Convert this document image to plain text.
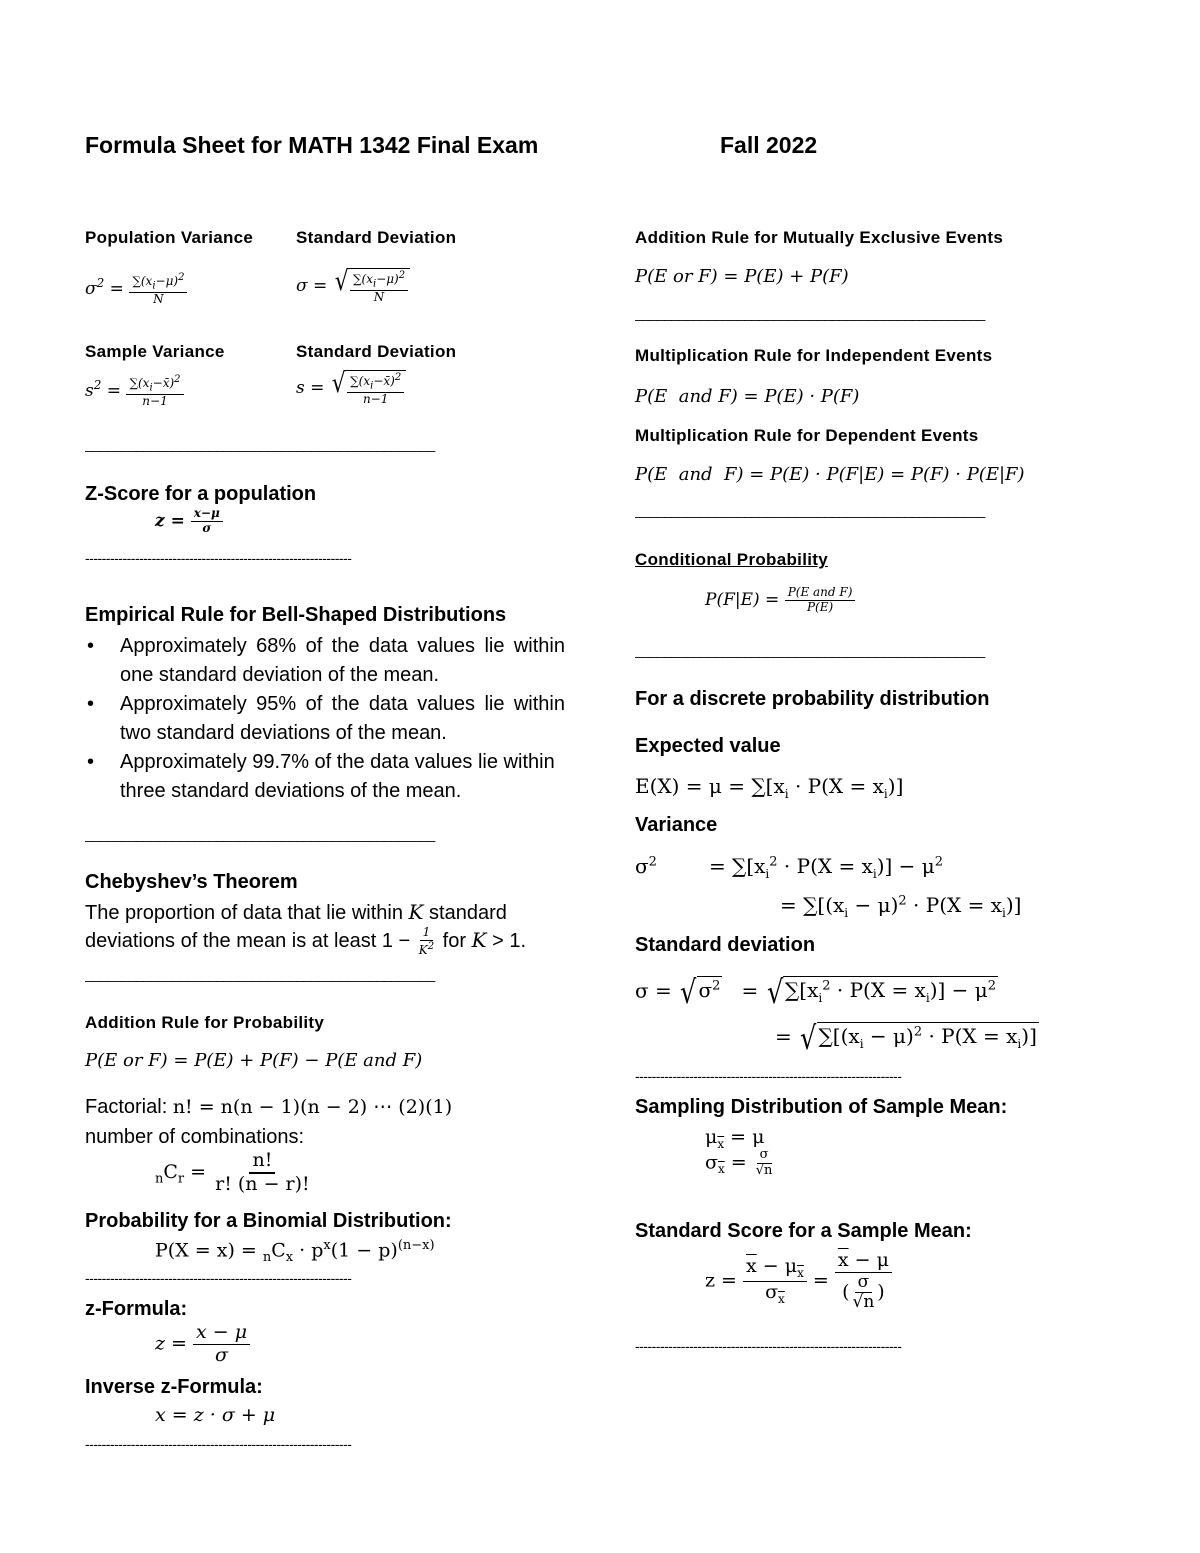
Formula Sheet for MATH 1342 Final Exam	Fall 2022
Population Variance	Standard Deviation
$\sigma^2 = \frac{\sum(x_i-\mu)^2}{N}$	σ = √ $\frac{\sum(x_i-\mu)^2}{N}$
Sample Variance	Standard Deviation
$s^2 = \frac{\sum(x_i-x̄)^2}{n-1}$	s = √ $\frac{\sum(x_i-x̄)^2}{n-1}$
________________________________________________
Z-Score for a population
$z = \frac{x-\mu}{\sigma}$
----------------------------------------------------------------
Empirical Rule for Bell-Shaped Distributions
• Approximately 68% of the data values lie within one standard deviation of the mean.
• Approximately 95% of the data values lie within two standard deviations of the mean.
• Approximately 99.7% of the data values lie within three standard deviations of the mean.
________________________________________________
Chebyshev’s Theorem
The proportion of data that lie within K standard
deviations of the mean is at least $1 - \frac{1}{K^2}$ for K > 1.
________________________________________________
Addition Rule for Probability
P(E or F) = P(E) + P(F) − P(E and F)
Factorial: n! = n(n − 1)(n − 2) ⋯ (2)(1)
number of combinations:
$_nC_r = \frac{n!}{r! (n - r)!}$
Probability for a Binomial Distribution:
$P(X = x) = _nC_x \cdot p^x(1 - p)^{(n-x)}$
----------------------------------------------------------------
z-Formula:
$z = \frac{x - \mu}{\sigma}$
Inverse z-Formula:
x = z · σ + μ
----------------------------------------------------------------
Addition Rule for Mutually Exclusive Events
P(E or F) = P(E) + P(F)
________________________________________________
Multiplication Rule for Independent Events
P(E  and F) = P(E) · P(F)
Multiplication Rule for Dependent Events
P(E  and  F) = P(E) · P(F|E) = P(F) · P(E|F)
________________________________________________
Conditional Probability
$P(F|E) = \frac{\text{P(E and F)}}{P(E)}$
________________________________________________
For a discrete probability distribution
Expected value
$E(X) = \mu = \sum[x_i \cdot P(X = x_i)]$
Variance
$\sigma^2$	= $\sum[x_i^2 \cdot P(X = x_i)] - \mu^2$
= $\sum[(x_i - \mu)^2 \cdot P(X = x_i)]$
Standard deviation
σ = √ $\sigma^2$ = √ $\sum[x_i^2 \cdot P(X = x_i)] - \mu^2$
= √ $\sum[(x_i - \mu)^2 \cdot P(X = x_i)]$
----------------------------------------------------------------
Sampling Distribution of Sample Mean:
$\mu_{\overline{x}} = \mu$
$\sigma_{\overline{x}} = \frac{\sigma}{√n}$
Standard Score for a Sample Mean:
$z = \frac{\overline{x} - \mu_{\overline{x}}}{\sigma_{\overline{x}}} = \frac{\overline{x} - \mu}{( \frac{\sigma}{√n} )}$
----------------------------------------------------------------
